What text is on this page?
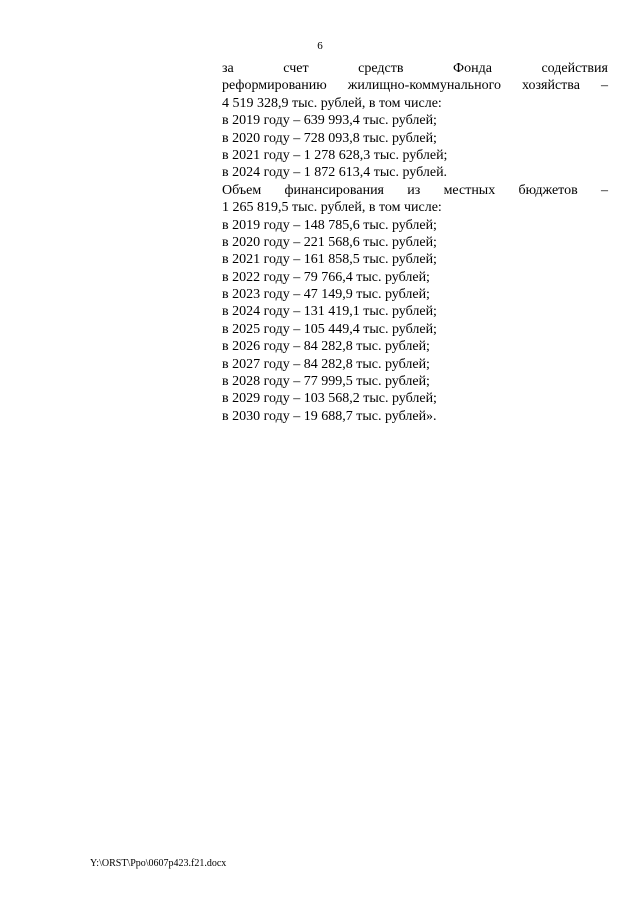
6
за	счет	средств	Фонда	содействия
реформированию жилищно-коммунального хозяйства –
4 519 328,9 тыс. рублей, в том числе:
в 2019 году – 639 993,4 тыс. рублей;
в 2020 году – 728 093,8 тыс. рублей;
в 2021 году – 1 278 628,3 тыс. рублей;
в 2024 году – 1 872 613,4 тыс. рублей.
Объем финансирования из местных бюджетов –
1 265 819,5 тыс. рублей, в том числе:
в 2019 году – 148 785,6 тыс. рублей;
в 2020 году – 221 568,6 тыс. рублей;
в 2021 году – 161 858,5 тыс. рублей;
в 2022 году – 79 766,4 тыс. рублей;
в 2023 году – 47 149,9 тыс. рублей;
в 2024 году – 131 419,1 тыс. рублей;
в 2025 году – 105 449,4 тыс. рублей;
в 2026 году – 84 282,8 тыс. рублей;
в 2027 году – 84 282,8 тыс. рублей;
в 2028 году – 77 999,5 тыс. рублей;
в 2029 году – 103 568,2 тыс. рублей;
в 2030 году – 19 688,7 тыс. рублей».
Y:\ORST\Ppo\0607p423.f21.docx
